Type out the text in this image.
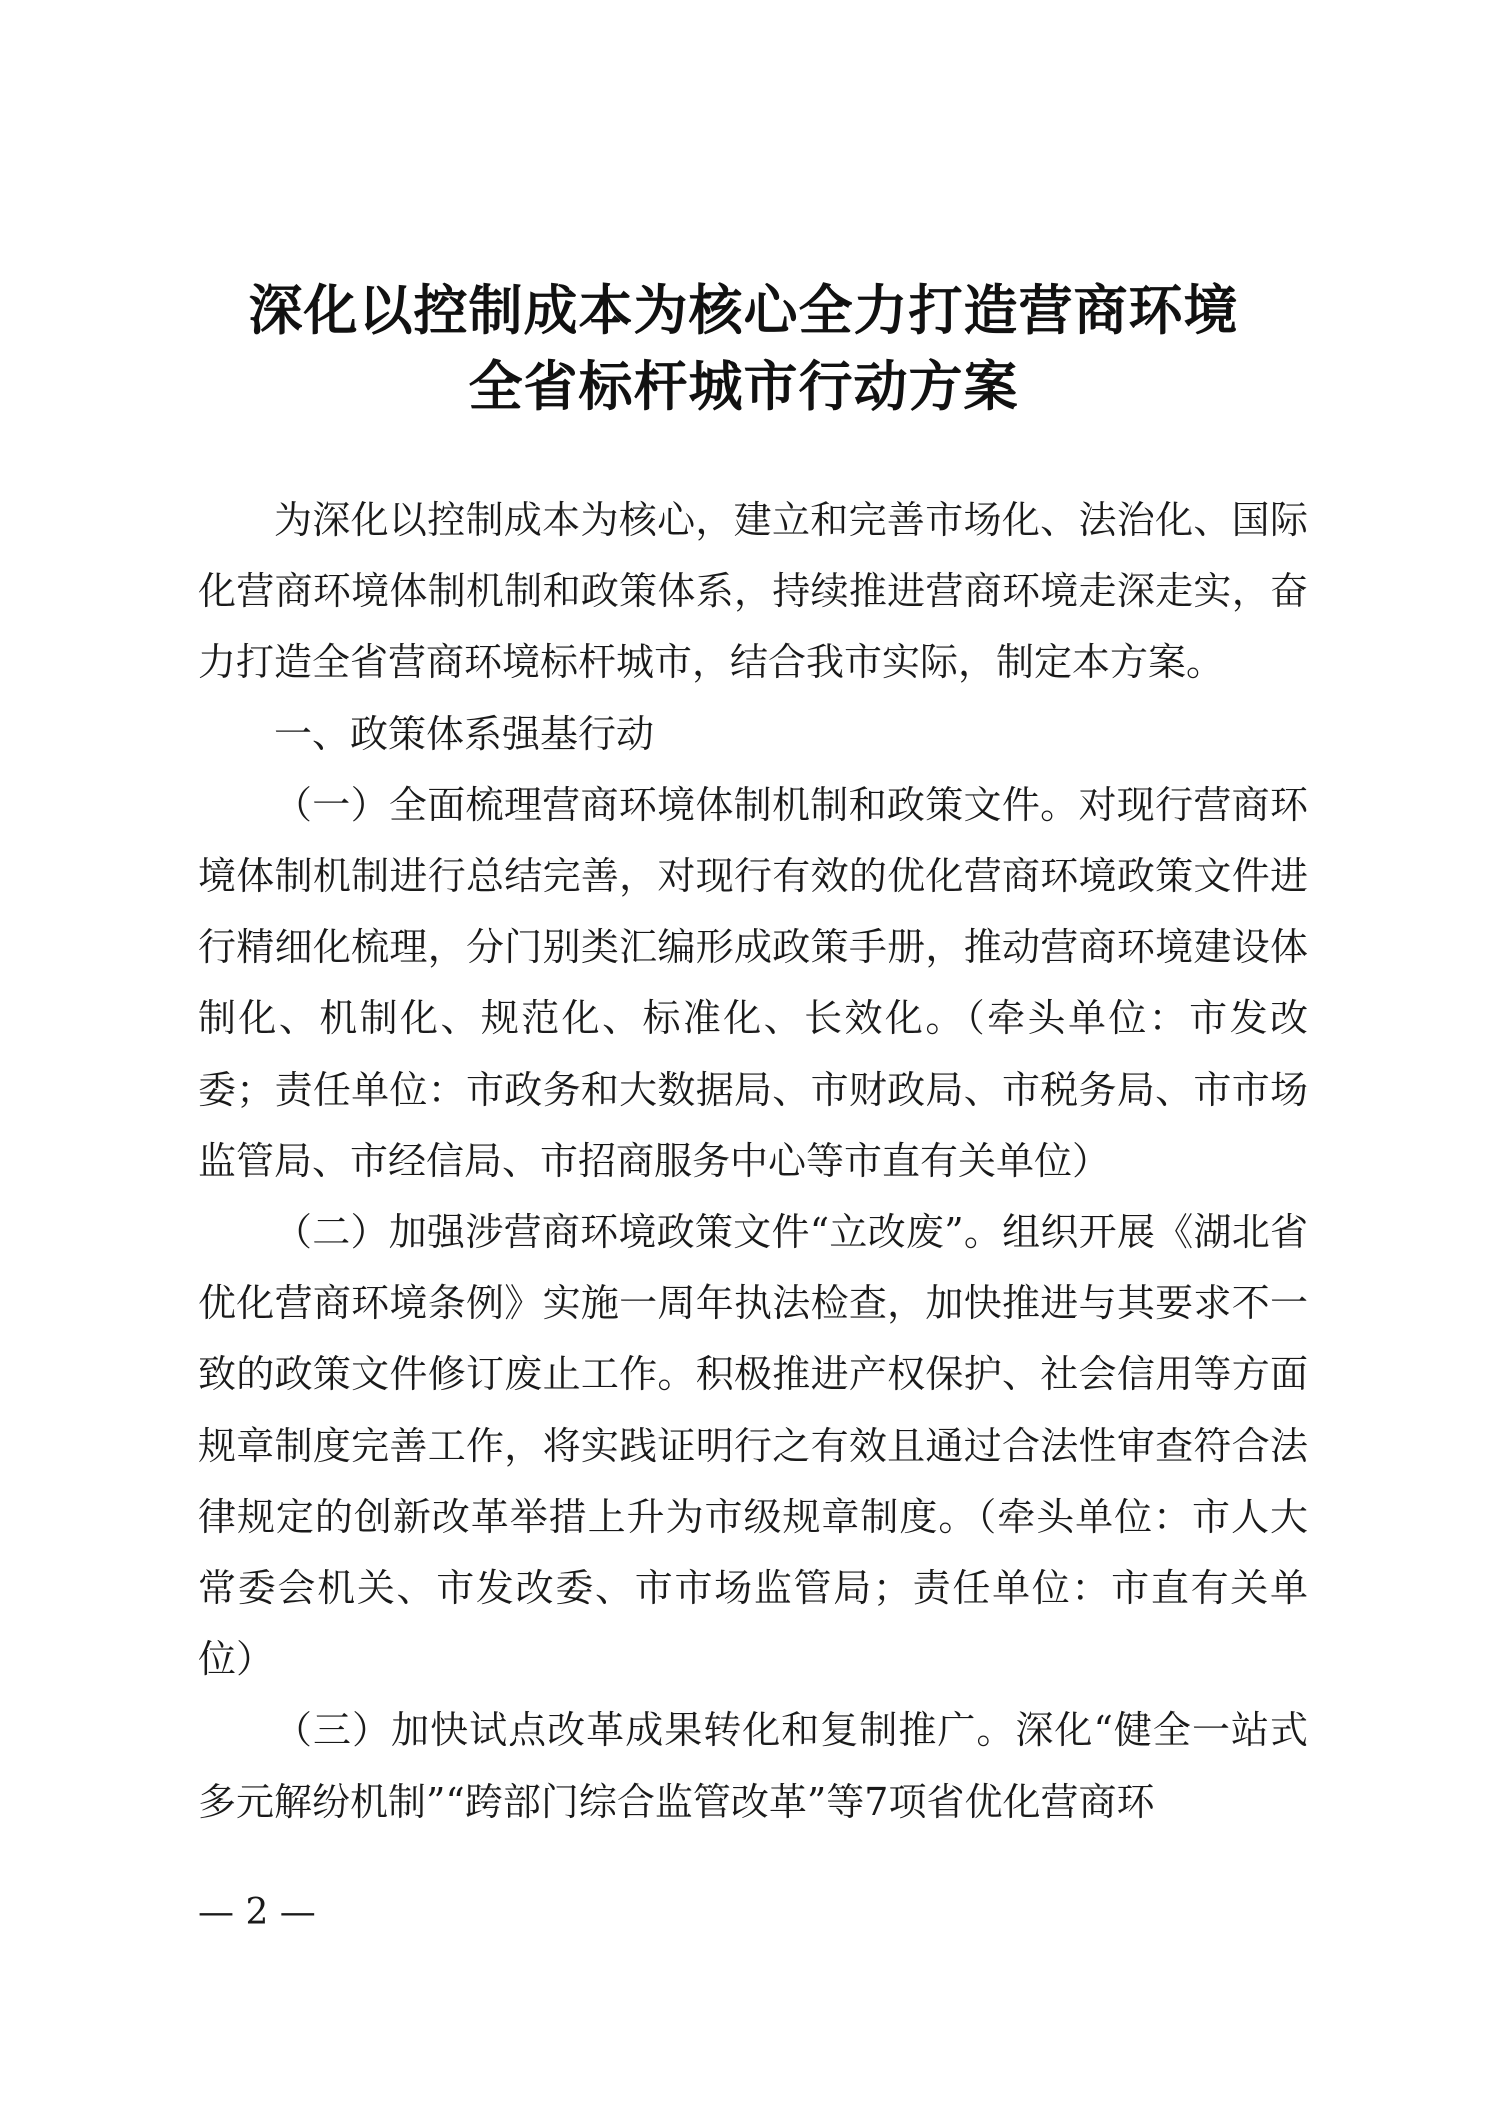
深化以控制成本为核心全力打造营商环境
全省标杆城市行动方案

为深化以控制成本为核心，建立和完善市场化、法治化、国际化营商环境体制机制和政策体系，持续推进营商环境走深走实，奋力打造全省营商环境标杆城市，结合我市实际，制定本方案。

一、政策体系强基行动

（一）全面梳理营商环境体制机制和政策文件。对现行营商环境体制机制进行总结完善，对现行有效的优化营商环境政策文件进行精细化梳理，分门别类汇编形成政策手册，推动营商环境建设体制化、机制化、规范化、标准化、长效化。（牵头单位：市发改委；责任单位：市政务和大数据局、市财政局、市税务局、市市场监管局、市经信局、市招商服务中心等市直有关单位）

（二）加强涉营商环境政策文件“立改废”。组织开展《湖北省优化营商环境条例》实施一周年执法检查，加快推进与其要求不一致的政策文件修订废止工作。积极推进产权保护、社会信用等方面规章制度完善工作，将实践证明行之有效且通过合法性审查符合法律规定的创新改革举措上升为市级规章制度。（牵头单位：市人大常委会机关、市发改委、市市场监管局；责任单位：市直有关单位）

（三）加快试点改革成果转化和复制推广。深化“健全一站式多元解纷机制”“跨部门综合监管改革”等7项省优化营商环

— 2 —
